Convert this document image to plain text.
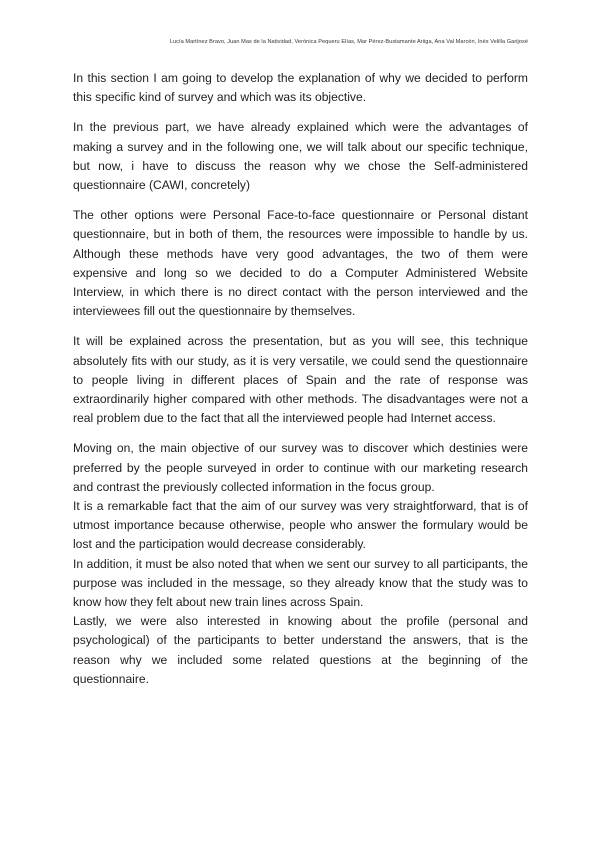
Lucía Martínez Bravo, Juan Mas de la Natividad, Verónica Pequeru Elías, Mar Pérez-Bustamante Ariiga, Ana Val Marcén, Inés Velilla Garijosé

In this section I am going to develop the explanation of why we decided to perform this specific kind of survey and which was its objective.

In the previous part, we have already explained which were the advantages of making a survey and in the following one, we will talk about our specific technique, but now, i have to discuss the reason why we chose the Self-administered questionnaire (CAWI, concretely)

The other options were Personal Face-to-face questionnaire or Personal distant questionnaire, but in both of them, the resources were impossible to handle by us. Although these methods have very good advantages, the two of them were expensive and long so we decided to do a Computer Administered Website Interview, in which there is no direct contact with the person interviewed and the interviewees fill out the questionnaire by themselves.

It will be explained across the presentation, but as you will see, this technique absolutely fits with our study, as it is very versatile, we could send the questionnaire to people living in different places of Spain and the rate of response was extraordinarily higher compared with other methods. The disadvantages were not a real problem due to the fact that all the interviewed people had Internet access.

Moving on, the main objective of our survey was to discover which destinies were preferred by the people surveyed in order to continue with our marketing research and contrast the previously collected information in the focus group.

It is a remarkable fact that the aim of our survey was very straightforward, that is of utmost importance because otherwise, people who answer the formulary would be lost and the participation would decrease considerably.

In addition, it must be also noted that when we sent our survey to all participants, the purpose was included in the message, so they already know that the study was to know how they felt about new train lines across Spain.

Lastly, we were also interested in knowing about the profile (personal and psychological) of the participants to better understand the answers, that is the reason why we included some related questions at the beginning of the questionnaire.
